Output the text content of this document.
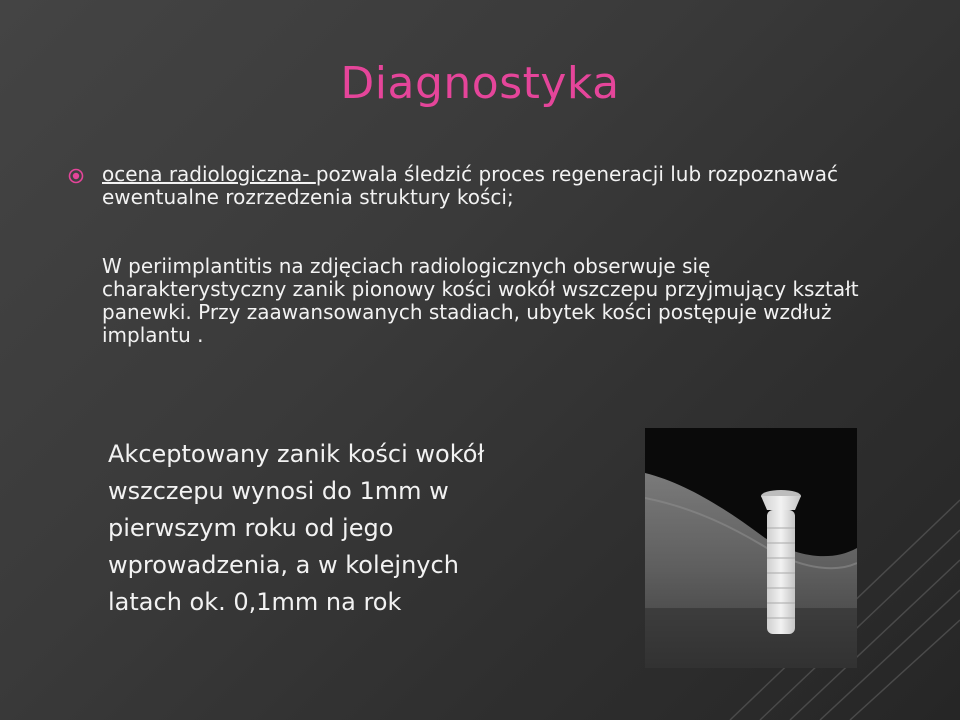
Diagnostyka
ocena radiologiczna- pozwala śledzić proces regeneracji lub rozpoznawać ewentualne rozrzedzenia struktury kości;
W periimplantitis na zdjęciach radiologicznych obserwuje się charakterystyczny zanik pionowy kości wokół wszczepu przyjmujący kształt panewki. Przy zaawansowanych stadiach, ubytek kości postępuje wzdłuż implantu .
Akceptowany zanik kości wokół wszczepu wynosi do 1mm w pierwszym roku od jego wprowadzenia, a w kolejnych latach ok. 0,1mm na rok
